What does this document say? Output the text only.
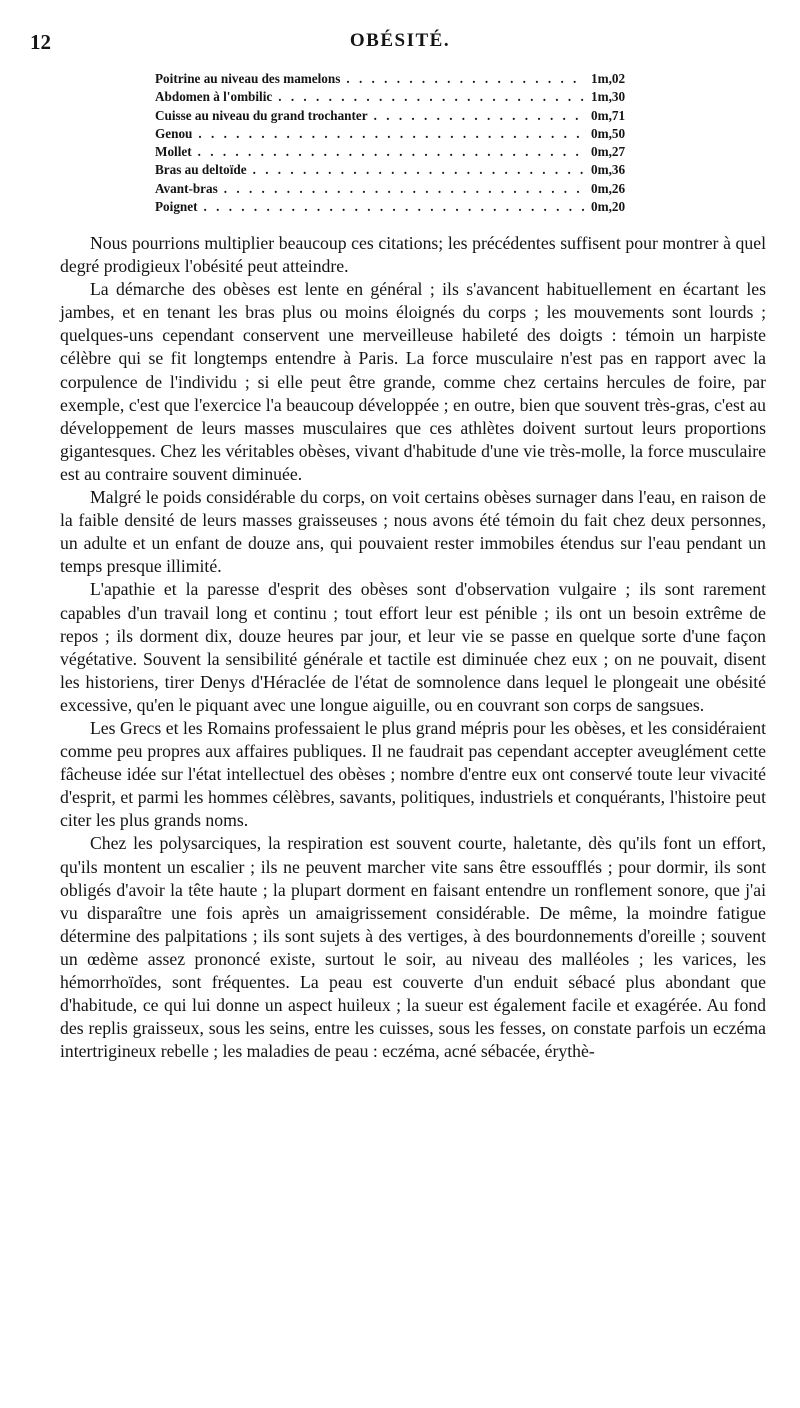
12	OBÉSITÉ.
Poitrine au niveau des mamelons . . .	1m,02
Abdomen à l'ombilic . . .	1m,30
Cuisse au niveau du grand trochanter . . .	0m,71
Genou . . .	0m,50
Mollet . . .	0m,27
Bras au deltoïde . . .	0m,36
Avant-bras . . .	0m,26
Poignet . . .	0m,20

Nous pourrions multiplier beaucoup ces citations; les précédentes suffisent pour montrer à quel degré prodigieux l'obésité peut atteindre.

La démarche des obèses est lente en général ; ils s'avancent habituellement en écartant les jambes, et en tenant les bras plus ou moins éloignés du corps ; les mouvements sont lourds ; quelques-uns cependant conservent une merveilleuse habileté des doigts : témoin un harpiste célèbre qui se fit longtemps entendre à Paris. La force musculaire n'est pas en rapport avec la corpulence de l'individu ; si elle peut être grande, comme chez certains hercules de foire, par exemple, c'est que l'exercice l'a beaucoup développée ; en outre, bien que souvent très-gras, c'est au développement de leurs masses musculaires que ces athlètes doivent surtout leurs proportions gigantesques. Chez les véritables obèses, vivant d'habitude d'une vie très-molle, la force musculaire est au contraire souvent diminuée.

Malgré le poids considérable du corps, on voit certains obèses surnager dans l'eau, en raison de la faible densité de leurs masses graisseuses ; nous avons été témoin du fait chez deux personnes, un adulte et un enfant de douze ans, qui pouvaient rester immobiles étendus sur l'eau pendant un temps presque illimité.

L'apathie et la paresse d'esprit des obèses sont d'observation vulgaire ; ils sont rarement capables d'un travail long et continu ; tout effort leur est pénible ; ils ont un besoin extrême de repos ; ils dorment dix, douze heures par jour, et leur vie se passe en quelque sorte d'une façon végétative. Souvent la sensibilité générale et tactile est diminuée chez eux ; on ne pouvait, disent les historiens, tirer Denys d'Héraclée de l'état de somnolence dans lequel le plongeait une obésité excessive, qu'en le piquant avec une longue aiguille, ou en couvrant son corps de sangsues.

Les Grecs et les Romains professaient le plus grand mépris pour les obèses, et les considéraient comme peu propres aux affaires publiques. Il ne faudrait pas cependant accepter aveuglément cette fâcheuse idée sur l'état intellectuel des obèses ; nombre d'entre eux ont conservé toute leur vivacité d'esprit, et parmi les hommes célèbres, savants, politiques, industriels et conquérants, l'histoire peut citer les plus grands noms.

Chez les polysarciques, la respiration est souvent courte, haletante, dès qu'ils font un effort, qu'ils montent un escalier ; ils ne peuvent marcher vite sans être essoufflés ; pour dormir, ils sont obligés d'avoir la tête haute ; la plupart dorment en faisant entendre un ronflement sonore, que j'ai vu disparaître une fois après un amaigrissement considérable. De même, la moindre fatigue détermine des palpitations ; ils sont sujets à des vertiges, à des bourdonnements d'oreille ; souvent un œdème assez prononcé existe, surtout le soir, au niveau des malléoles ; les varices, les hémorrhoïdes, sont fréquentes. La peau est couverte d'un enduit sébacé plus abondant que d'habitude, ce qui lui donne un aspect huileux ; la sueur est également facile et exagérée. Au fond des replis graisseux, sous les seins, entre les cuisses, sous les fesses, on constate parfois un eczéma intertrigineux rebelle ; les maladies de peau : eczéma, acné sébacée, érythè-
